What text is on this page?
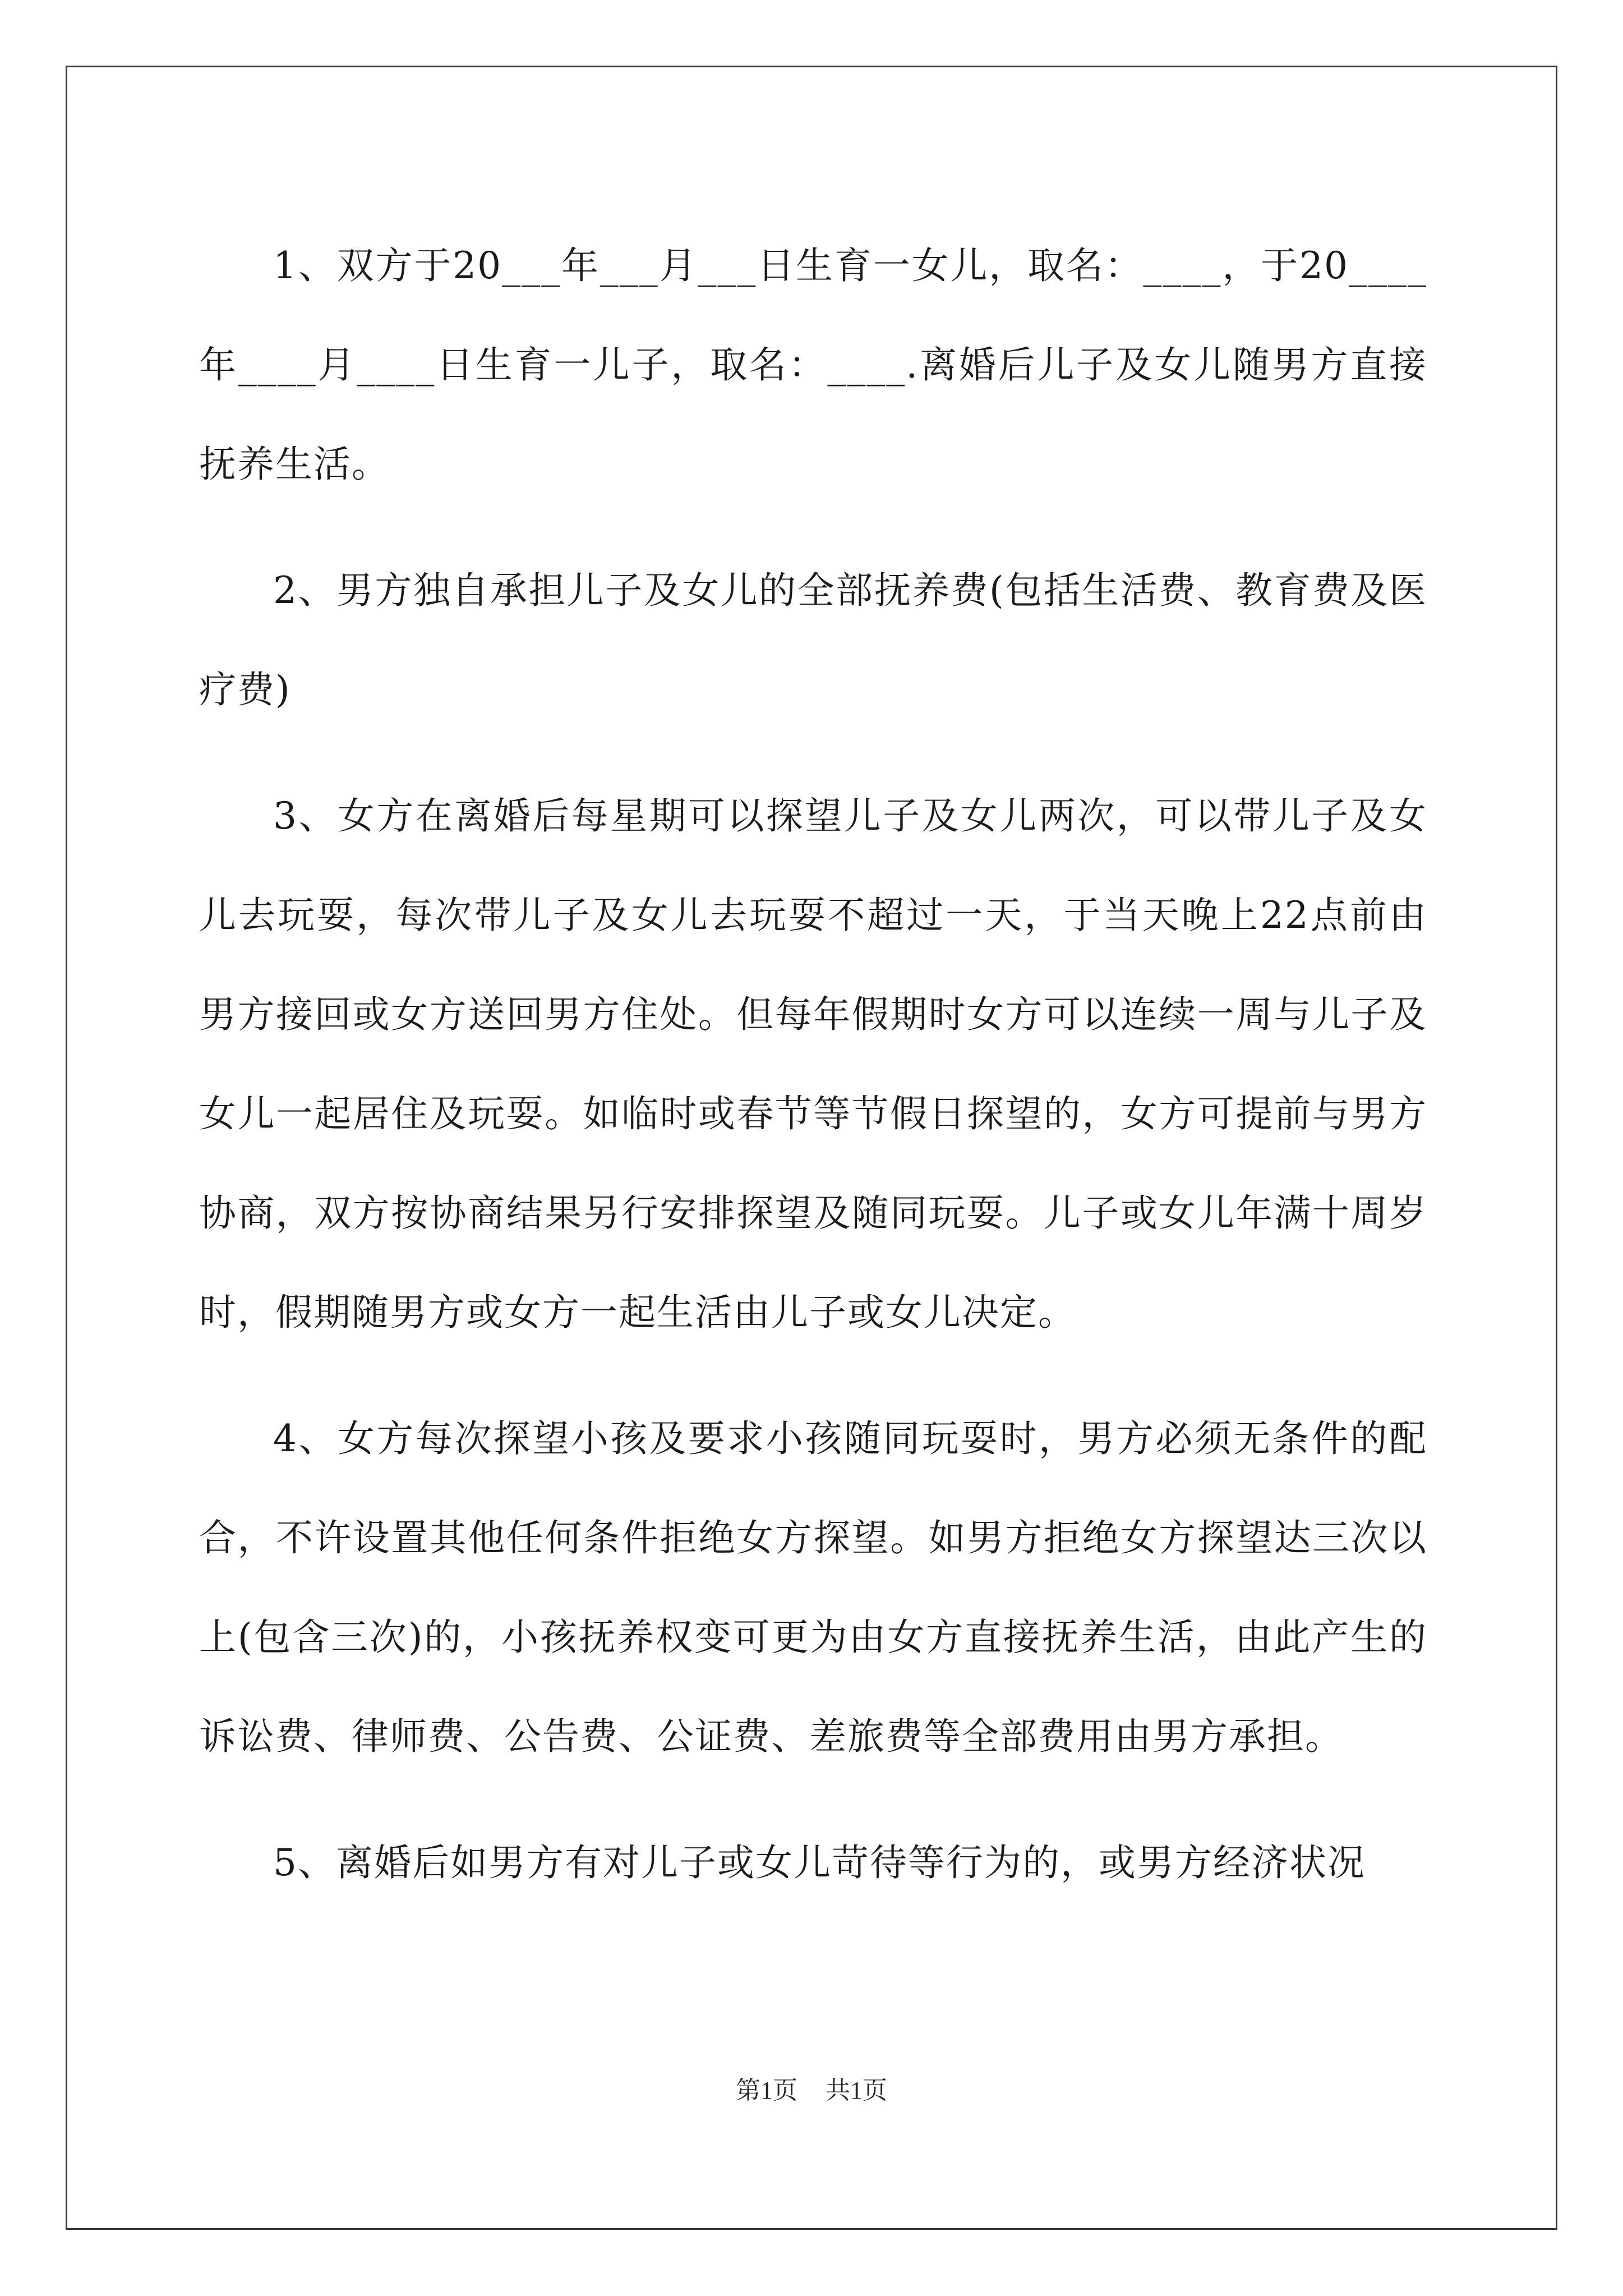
1、双方于20___年___月___日生育一女儿，取名：____，于20____年____月____日生育一儿子，取名：____.离婚后儿子及女儿随男方直接抚养生活。

2、男方独自承担儿子及女儿的全部抚养费(包括生活费、教育费及医疗费)

3、女方在离婚后每星期可以探望儿子及女儿两次，可以带儿子及女儿去玩耍，每次带儿子及女儿去玩耍不超过一天，于当天晚上22点前由男方接回或女方送回男方住处。但每年假期时女方可以连续一周与儿子及女儿一起居住及玩耍。如临时或春节等节假日探望的，女方可提前与男方协商，双方按协商结果另行安排探望及随同玩耍。儿子或女儿年满十周岁时，假期随男方或女方一起生活由儿子或女儿决定。

4、女方每次探望小孩及要求小孩随同玩耍时，男方必须无条件的配合，不许设置其他任何条件拒绝女方探望。如男方拒绝女方探望达三次以上(包含三次)的，小孩抚养权变可更为由女方直接抚养生活，由此产生的诉讼费、律师费、公告费、公证费、差旅费等全部费用由男方承担。

5、离婚后如男方有对儿子或女儿苛待等行为的，或男方经济状况

第1页 共1页
